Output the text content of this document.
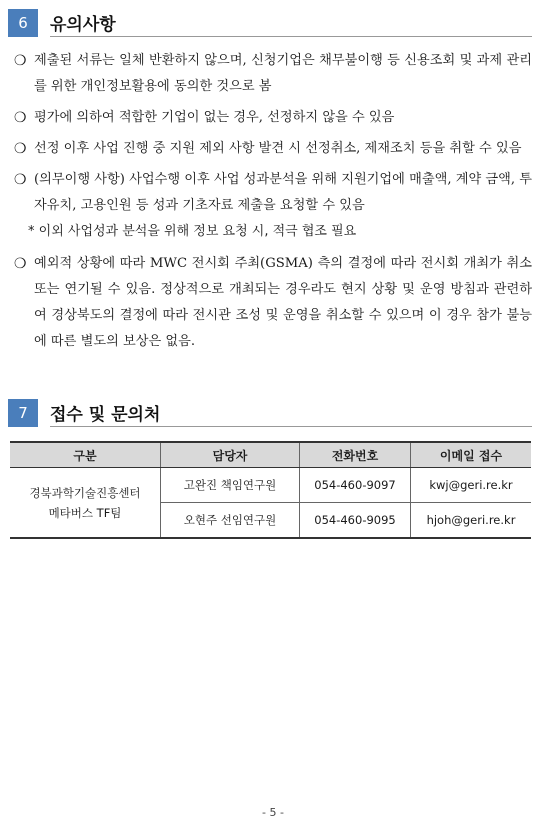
6	유의사항
❍ 제출된 서류는 일체 반환하지 않으며, 신청기업은 채무불이행 등 신용조회 및 과제 관리를 위한 개인정보활용에 동의한 것으로 봄
❍ 평가에 의하여 적합한 기업이 없는 경우, 선정하지 않을 수 있음
❍ 선정 이후 사업 진행 중 지원 제외 사항 발견 시 선정취소, 제재조치 등을 취할 수 있음
❍ (의무이행 사항) 사업수행 이후 사업 성과분석을 위해 지원기업에 매출액, 계약 금액, 투자유치, 고용인원 등 성과 기초자료 제출을 요청할 수 있음
* 이외 사업성과 분석을 위해 정보 요청 시, 적극 협조 필요
❍ 예외적 상황에 따라 MWC 전시회 주최(GSMA) 측의 결정에 따라 전시회 개최가 취소 또는 연기될 수 있음. 정상적으로 개최되는 경우라도 현지 상황 및 운영 방침과 관련하여 경상북도의 결정에 따라 전시관 조성 및 운영을 취소할 수 있으며 이 경우 참가 불능에 따른 별도의 보상은 없음.
7	접수 및 문의처
구분	담당자	전화번호	이메일 접수

경북과학기술진흥센터
메타버스 TF팀	고완진 책임연구원	054-460-9097	kwj@geri.re.kr
	오현주 선임연구원	054-460-9095	hjoh@geri.re.kr
- 5 -
